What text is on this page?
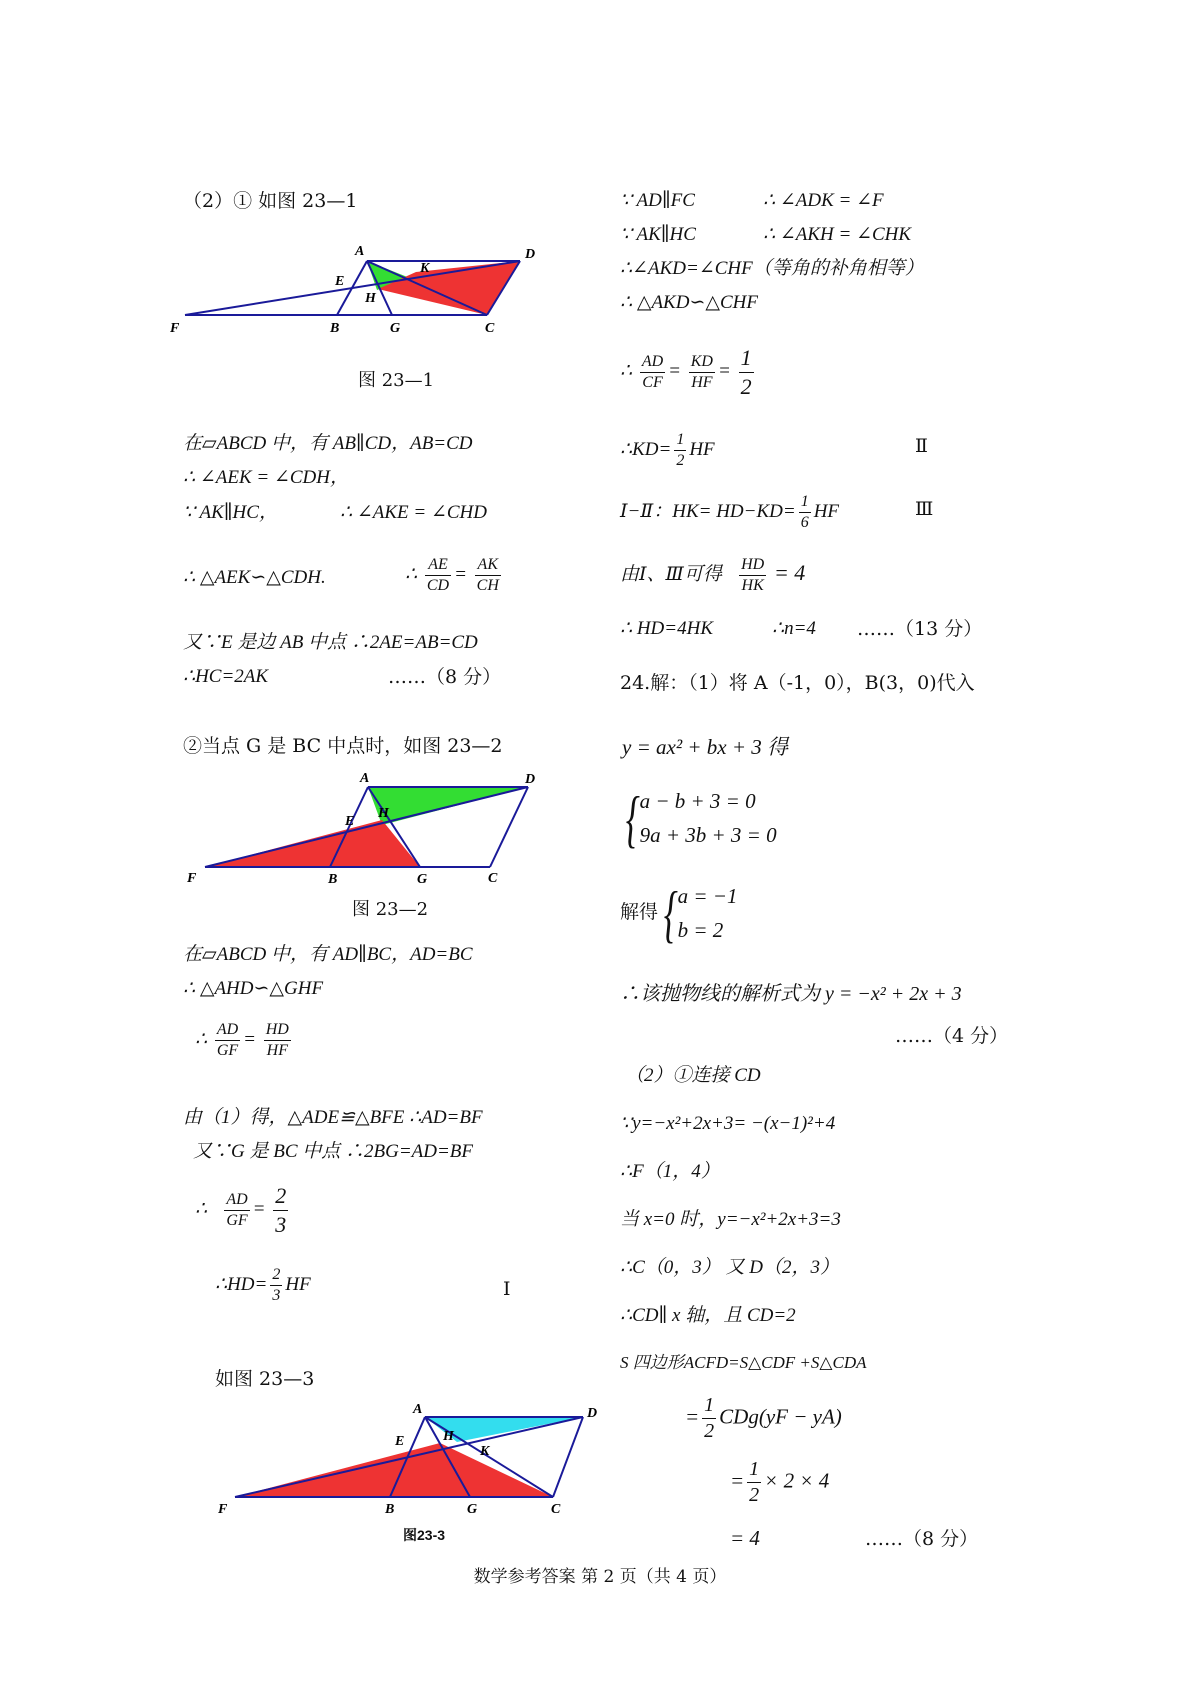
（2）① 如图 23—1
A	D
K
E
H
F	B	G	C
图 23—1
在▱ABCD 中，有 AB∥CD，AB=CD
∴ ∠AEK = ∠CDH，
∵ AK∥HC，	∴ ∠AKE = ∠CHD
∴ △AEK∽△CDH.	∴ $\frac{AE}{CD} = \frac{AK}{CH}$
又∵E 是边 AB 中点 ∴2AE=AB=CD
∴HC=2AK	……（8 分）
②当点 G 是 BC 中点时，如图 23—2
A	D
E
H
F	B	G	C
图 23—2
在▱ABCD 中，有 AD∥BC，AD=BC
∴ △AHD∽△GHF
∴ $\frac{AD}{GF} = \frac{HD}{HF}$
由（1）得，△ADE≌△BFE ∴AD=BF
又∵G 是 BC 中点 ∴2BG=AD=BF
∴ $\frac{AD}{GF} = \frac{2}{3}$
∴HD= $\frac{2}{3}$ HF	Ⅰ
如图 23—3
A	D
E	H
K
F	B	G	C
图23-3
∵ AD∥FC	∴ ∠ADK = ∠F
∵ AK∥HC	∴ ∠AKH = ∠CHK
∴∠AKD=∠CHF（等角的补角相等）
∴ △AKD∽△CHF
∴ $\frac{AD}{CF} = \frac{KD}{HF} = \frac{1}{2}$
∴KD= $\frac{1}{2}$ HF	Ⅱ
Ⅰ−Ⅱ：$HK= HD-KD= \frac{1}{6}$ HF	Ⅲ
由Ⅰ、Ⅲ可得 $\frac{HD}{HK} = 4$
∴ HD=4HK	∴n=4 ……（13 分）
24.解：（1）将 A（-1，0），B(3，0)代入
y = ax² + bx + 3 得
{a − b + 3 = 0
9a + 3b + 3 = 0
解得{a = −1
b = 2
∴该抛物线的解析式为 y = −x² + 2x + 3
……（4 分）
（2）①连接 CD
∵y=−x²+2x+3= −(x−1)²+4
∴F（1，4）
当 x=0 时，y=−x²+2x+3=3
∴C（0，3） 又 D（2，3）
∴CD∥ x 轴，且 CD=2
S 四边形ACFD=S△CDF +S△CDA
= $\frac{1}{2} CDg(yF - yA)$
= $\frac{1}{2} \times 2 \times 4$
= 4	……（8 分）
数学参考答案 第 2 页（共 4 页）
